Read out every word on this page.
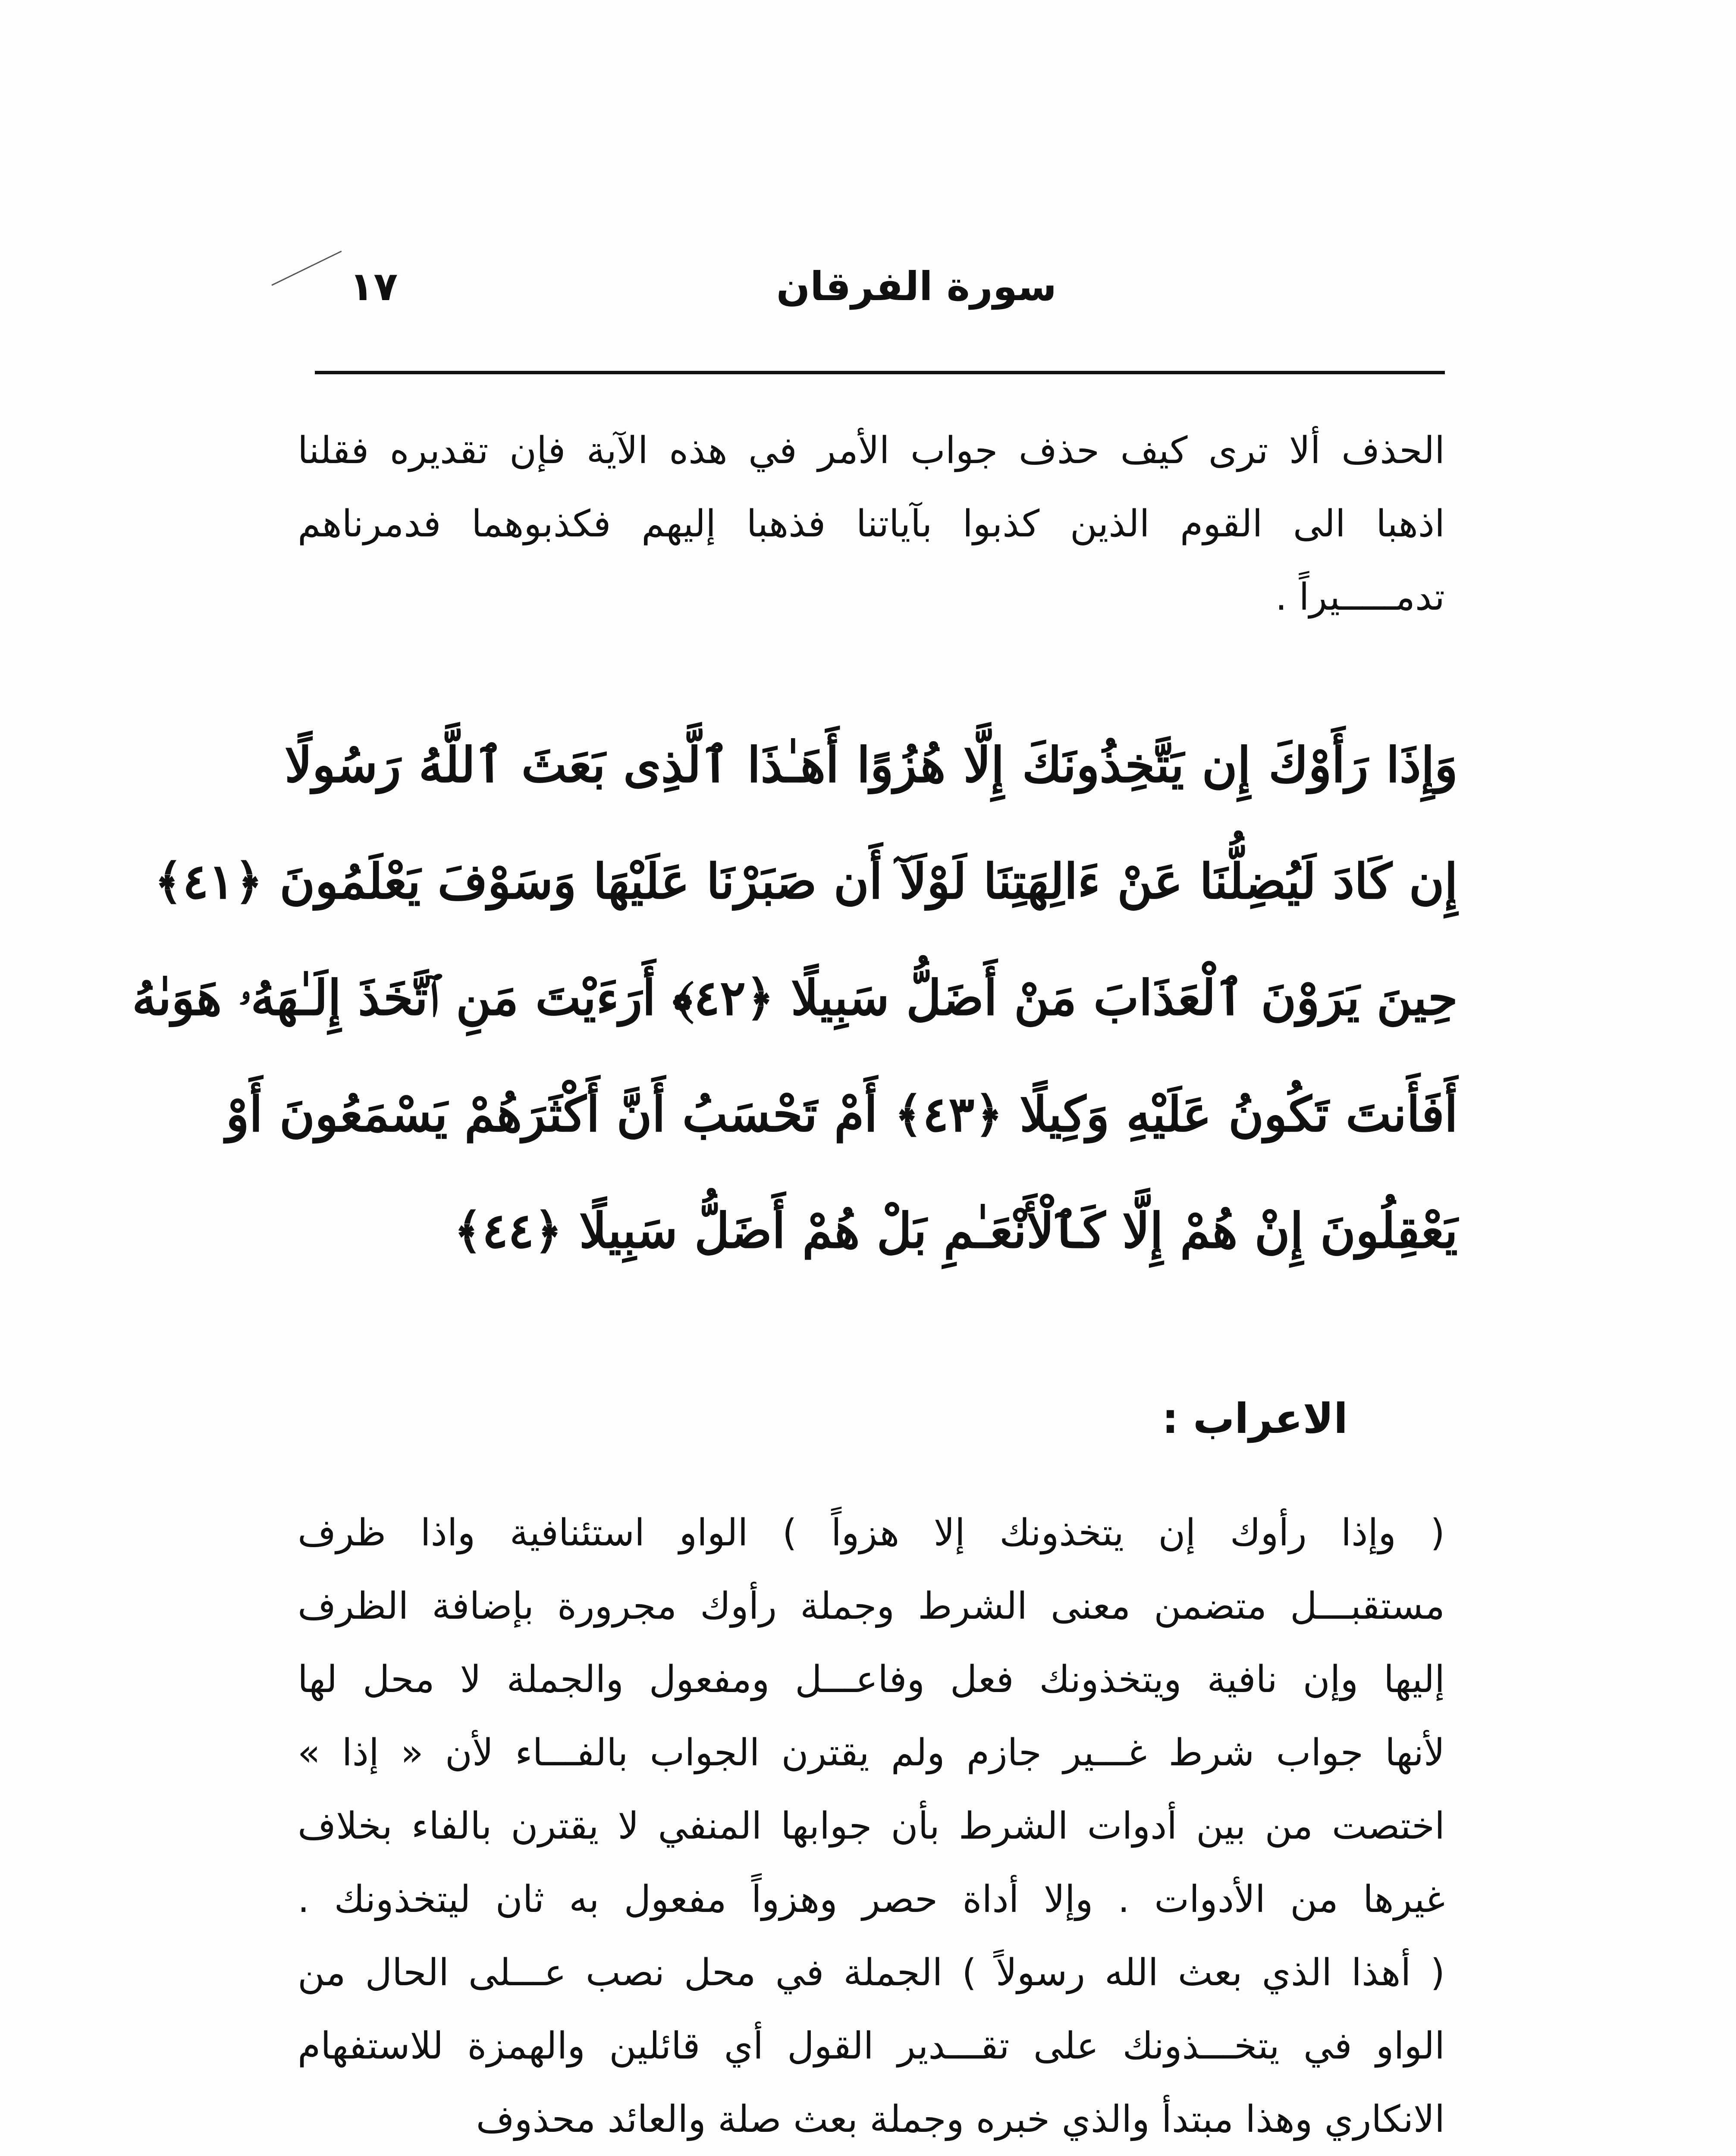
سورة الفرقان
١٧
الحذف ألا ترى كيف حذف جواب الأمر في هذه الآية فإن تقديره فقلنا
اذهبا الى القوم الذين كذبوا بآياتنا فذهبا إليهم فكذبوهما فدمرناهم
تدمـــــيراً .
وَإِذَا رَأَوْكَ إِن يَتَّخِذُونَكَ إِلَّا هُزُوًا أَهَـٰذَا ٱلَّذِى بَعَثَ ٱللَّهُ رَسُولًا
إِن كَادَ لَيُضِلُّنَا عَنْ ءَالِهَتِنَا لَوْلَآ أَن صَبَرْنَا عَلَيْهَا وَسَوْفَ يَعْلَمُونَ ﴿٤١﴾
حِينَ يَرَوْنَ ٱلْعَذَابَ مَنْ أَضَلُّ سَبِيلًا ﴿٤٢﴾ أَرَءَيْتَ مَنِ ٱتَّخَذَ إِلَـٰهَهُۥ هَوَىٰهُ
أَفَأَنتَ تَكُونُ عَلَيْهِ وَكِيلًا ﴿٤٣﴾ أَمْ تَحْسَبُ أَنَّ أَكْثَرَهُمْ يَسْمَعُونَ أَوْ
يَعْقِلُونَ إِنْ هُمْ إِلَّا كَٱلْأَنْعَـٰمِ بَلْ هُمْ أَضَلُّ سَبِيلًا ﴿٤٤﴾
الاعراب :
( وإذا رأوك إن يتخذونك إلا هزواً ) الواو استئنافية واذا ظرف
مستقبـــل متضمن معنى الشرط وجملة رأوك مجرورة بإضافة الظرف
إليها وإن نافية ويتخذونك فعل وفاعـــل ومفعول والجملة لا محل لها
لأنها جواب شرط غـــير جازم ولم يقترن الجواب بالفـــاء لأن « إذا »
اختصت من بين أدوات الشرط بأن جوابها المنفي لا يقترن بالفاء بخلاف
غيرها من الأدوات . وإلا أداة حصر وهزواً مفعول به ثان ليتخذونك .
( أهذا الذي بعث الله رسولاً ) الجملة في محل نصب عـــلى الحال من
الواو في يتخـــذونك على تقـــدير القول أي قائلين والهمزة للاستفهام
الانكاري وهذا مبتدأ والذي خبره وجملة بعث صلة والعائد محذوف
